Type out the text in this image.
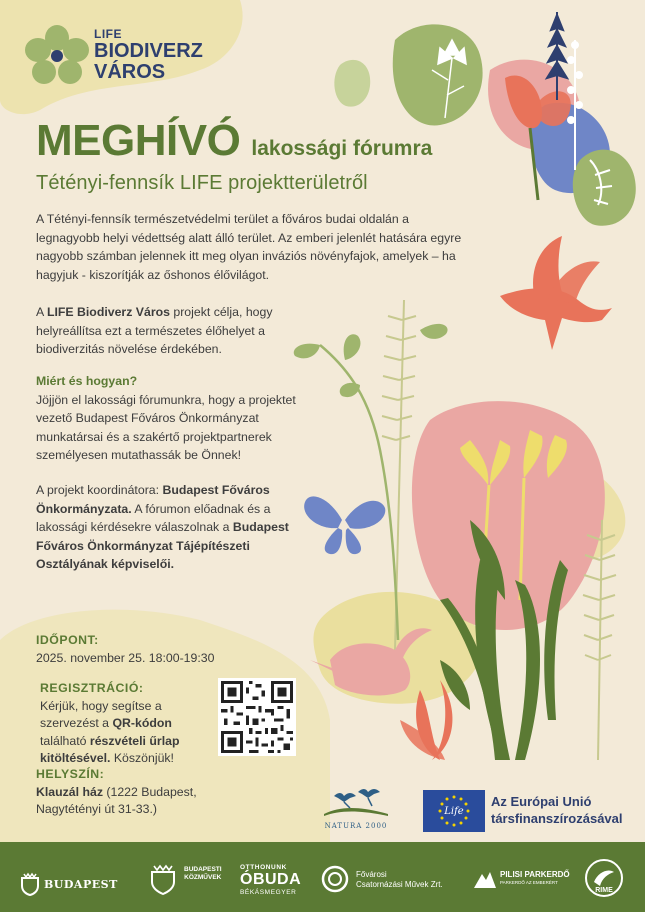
LIFE
BIODIVERZ
VÁROS
MEGHÍVÓ lakossági fórumra
Tétényi-fennsík LIFE projektterületről

A Tétényi-fennsík természetvédelmi terület a főváros budai oldalán a legnagyobb helyi védettség alatt álló terület. Az emberi jelenlét hatására egyre nagyobb számban jelennek itt meg olyan inváziós növényfajok, amelyek – ha hagyjuk - kiszorítják az őshonos élővilágot.

A LIFE Biodiverz Város projekt célja, hogy helyreállítsa ezt a természetes élőhelyet a biodiverzitás növelése érdekében.

Miért és hogyan?
Jöjjön el lakossági fórumunkra, hogy a projektet vezető Budapest Főváros Önkormányzat munkatársai és a szakértő projektpartnerek személyesen mutathassák be Önnek!

A projekt koordinátora: Budapest Főváros Önkormányzata. A fórumon előadnak és a lakossági kérdésekre válaszolnak a Budapest Főváros Önkormányzat Tájépítészeti Osztályának képviselői.

IDŐPONT:
2025. november 25. 18:00-19:30
REGISZTRÁCIÓ:
Kérjük, hogy segítse a szervezést a QR-kódon található részvételi űrlap kitöltésével. Köszönjük!
HELYSZÍN:
Klauzál ház (1222 Budapest, Nagytétényi út 31-33.)
NATURA 2000
Life
Az Európai Unió
társfinanszírozásával
BUDAPEST
BUDAPESTI
KÖZMŰVEK
OTTHONUNK
ÓBUDA
BÉKÁSMEGYER
Fővárosi
Csatornázási Művek Zrt.
PILISI PARKERDŐ
PARKERDŐ AZ EMBERÉRT
RIME
